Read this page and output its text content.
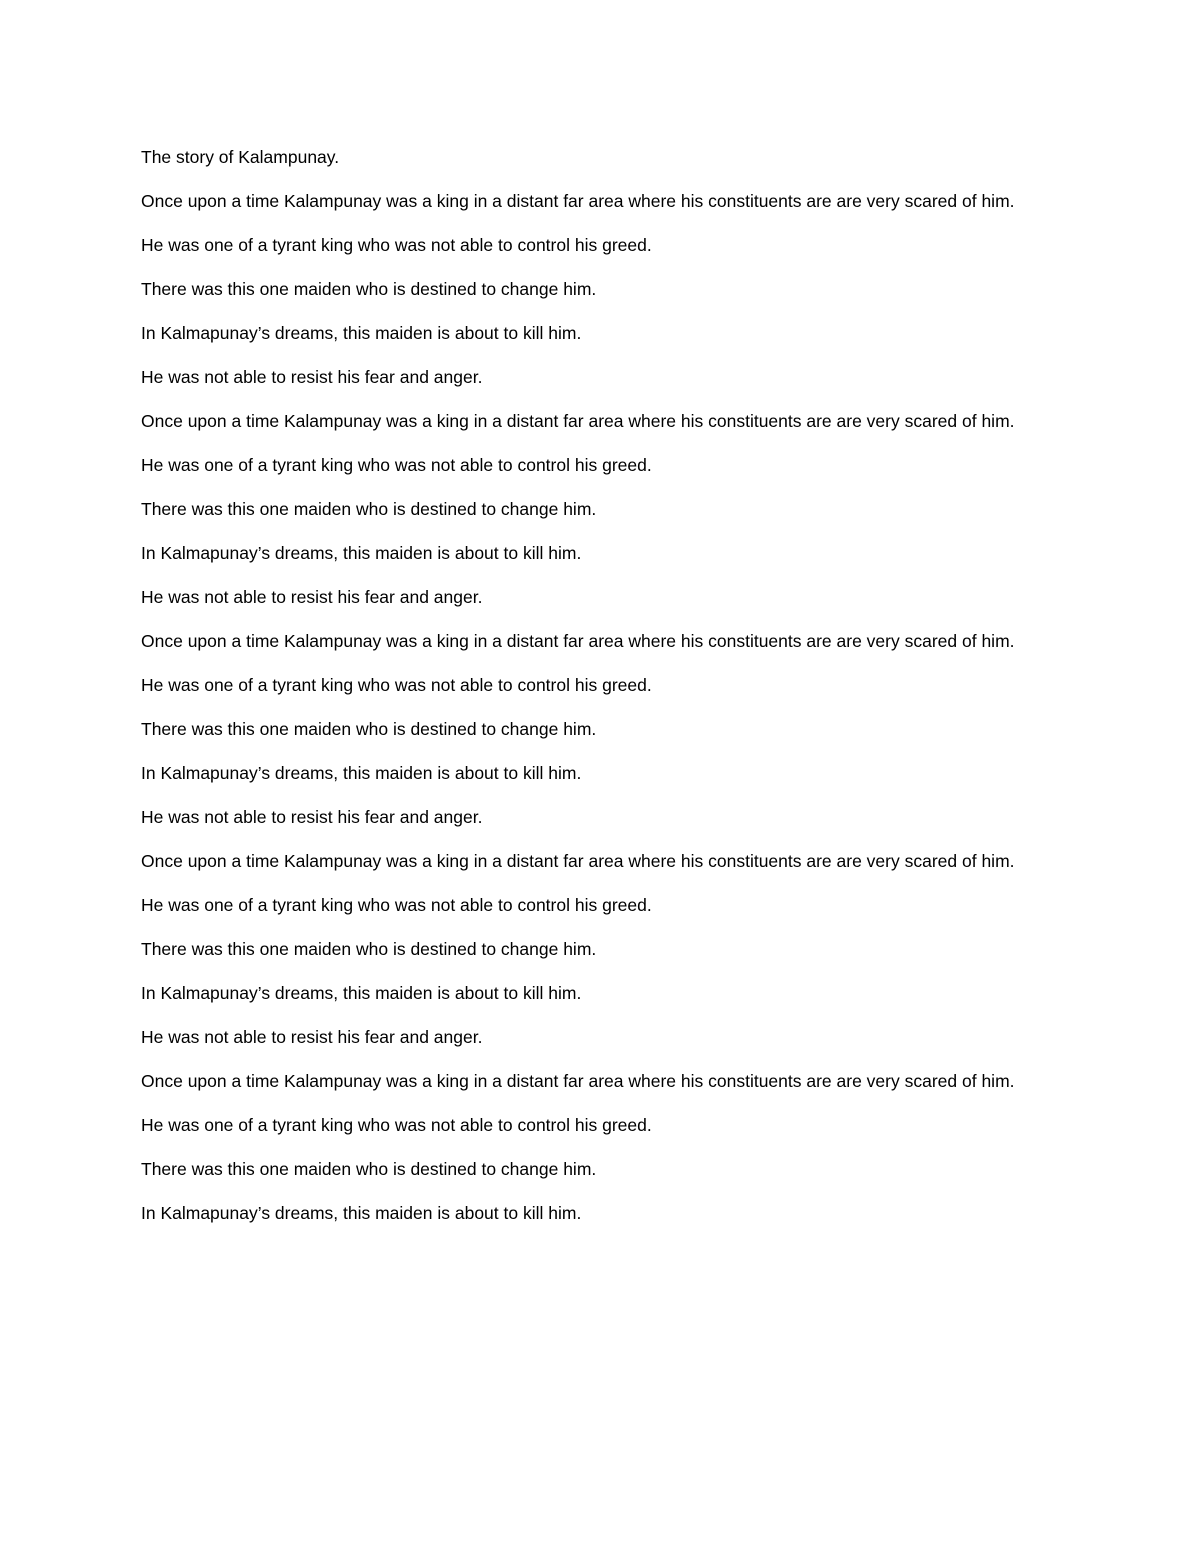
The story of Kalampunay.

Once upon a time Kalampunay was a king in a distant far area where his constituents are are very scared of him.

He was one of a tyrant king who was not able to control his greed.

There was this one maiden who is destined to change him.

In Kalmapunay’s dreams, this maiden is about to kill him.

He was not able to resist his fear and anger.

Once upon a time Kalampunay was a king in a distant far area where his constituents are are very scared of him.

He was one of a tyrant king who was not able to control his greed.

There was this one maiden who is destined to change him.

In Kalmapunay’s dreams, this maiden is about to kill him.

He was not able to resist his fear and anger.

Once upon a time Kalampunay was a king in a distant far area where his constituents are are very scared of him.

He was one of a tyrant king who was not able to control his greed.

There was this one maiden who is destined to change him.

In Kalmapunay’s dreams, this maiden is about to kill him.

He was not able to resist his fear and anger.

Once upon a time Kalampunay was a king in a distant far area where his constituents are are very scared of him.

He was one of a tyrant king who was not able to control his greed.

There was this one maiden who is destined to change him.

In Kalmapunay’s dreams, this maiden is about to kill him.

He was not able to resist his fear and anger.

Once upon a time Kalampunay was a king in a distant far area where his constituents are are very scared of him.

He was one of a tyrant king who was not able to control his greed.

There was this one maiden who is destined to change him.

In Kalmapunay’s dreams, this maiden is about to kill him.
